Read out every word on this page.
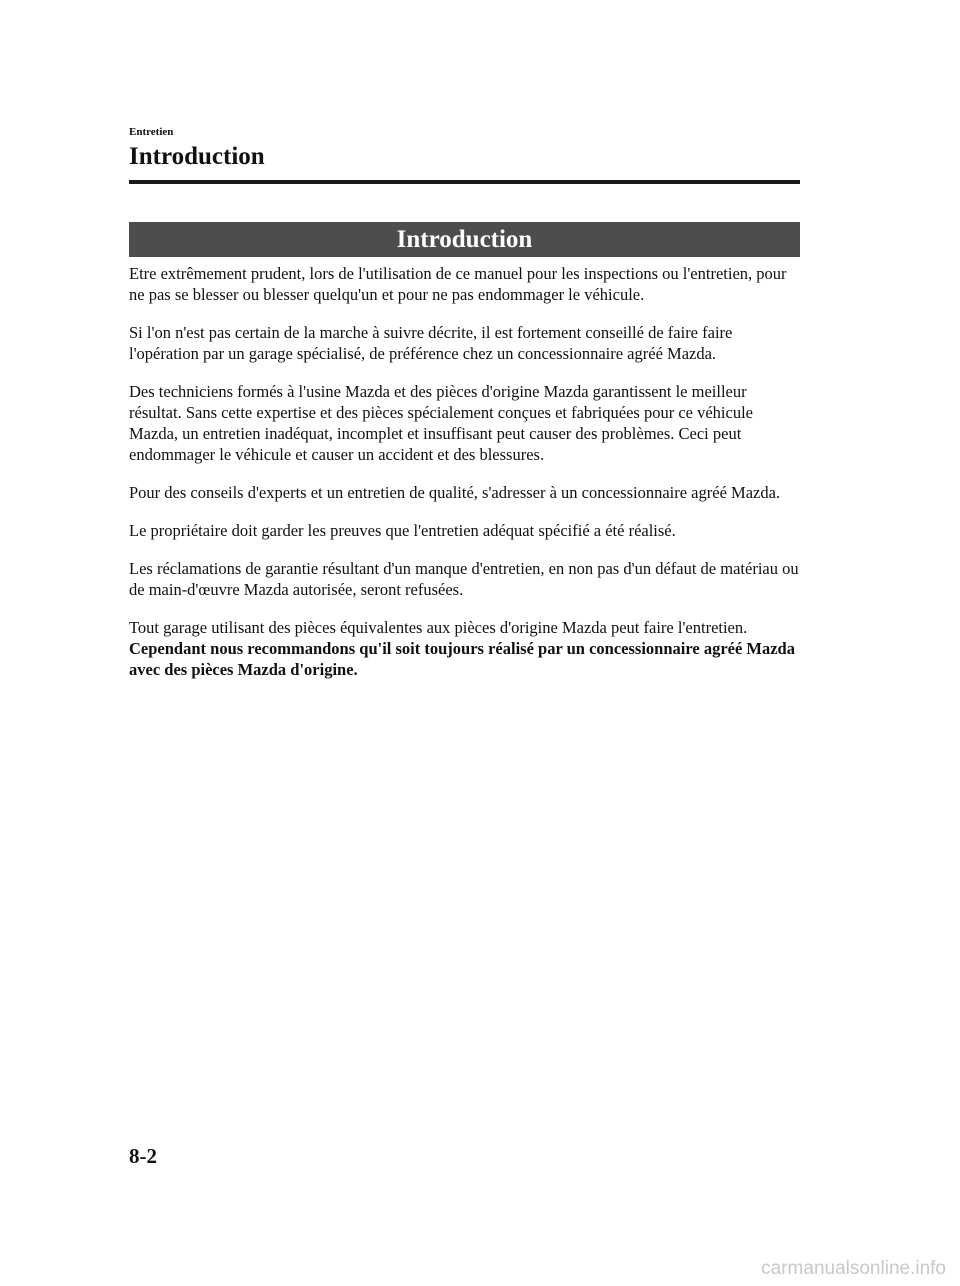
Entretien
Introduction
Introduction

Etre extrêmement prudent, lors de l'utilisation de ce manuel pour les inspections ou l'entretien, pour ne pas se blesser ou blesser quelqu'un et pour ne pas endommager le véhicule.

Si l'on n'est pas certain de la marche à suivre décrite, il est fortement conseillé de faire faire l'opération par un garage spécialisé, de préférence chez un concessionnaire agréé Mazda.

Des techniciens formés à l'usine Mazda et des pièces d'origine Mazda garantissent le meilleur résultat. Sans cette expertise et des pièces spécialement conçues et fabriquées pour ce véhicule Mazda, un entretien inadéquat, incomplet et insuffisant peut causer des problèmes. Ceci peut endommager le véhicule et causer un accident et des blessures.

Pour des conseils d'experts et un entretien de qualité, s'adresser à un concessionnaire agréé Mazda.

Le propriétaire doit garder les preuves que l'entretien adéquat spécifié a été réalisé.

Les réclamations de garantie résultant d'un manque d'entretien, en non pas d'un défaut de matériau ou de main-d'œuvre Mazda autorisée, seront refusées.

Tout garage utilisant des pièces équivalentes aux pièces d'origine Mazda peut faire l'entretien. Cependant nous recommandons qu'il soit toujours réalisé par un concessionnaire agréé Mazda avec des pièces Mazda d'origine.

8-2
carmanualsonline.info
